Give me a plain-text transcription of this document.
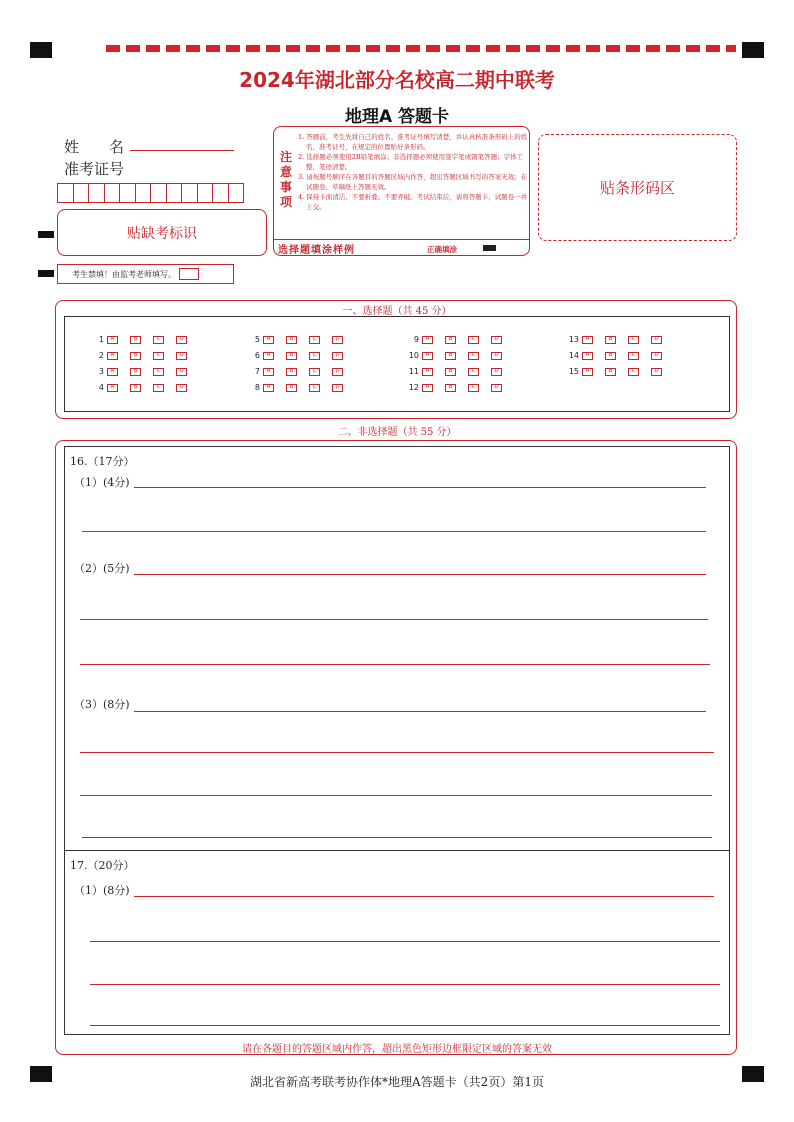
2024年湖北部分名校高二期中联考
地理A 答题卡
姓　　名
准考证号
贴缺考标识
注
意
事
项
1. 答题前，考生先将自己的姓名、准考证号填写清楚，并认真核准条形码上的姓名、准考证号，在规定的位置贴好条形码。
2. 选择题必须使用2B铅笔填涂；非选择题必须使用签字笔或钢笔答题；字体工整、笔迹清楚。
3. 请按题号顺序在各题目的答题区域内作答，超出答题区域书写的答案无效；在试题卷、草稿纸上答题无效。
4. 保持卡面清洁，不要折叠、不要弄破。考试结束后，请将答题卡，试题卷一并上交。
选择题填涂样例	正确填涂
贴条形码区
考生禁填！由监考老师填写。
一、选择题（共 45 分）
1	A	B	C	D
2	A	B	C	D
3	A	B	C	D
4	A	B	C	D
5	A	B	C	D
6	A	B	C	D
7	A	B	C	D
8	A	B	C	D
9	A	B	C	D
10	A	B	C	D
11	A	B	C	D
12	A	B	C	D
13	A	B	C	D
14	A	B	C	D
15	A	B	C	D
二、非选择题（共 55 分）
16.（17分）
（1）(4分)
（2）(5分)
（3）(8分)
17.（20分）
（1）(8分)
请在各题目的答题区域内作答，超出黑色矩形边框限定区域的答案无效
湖北省新高考联考协作体*地理A答题卡（共2页）第1页
